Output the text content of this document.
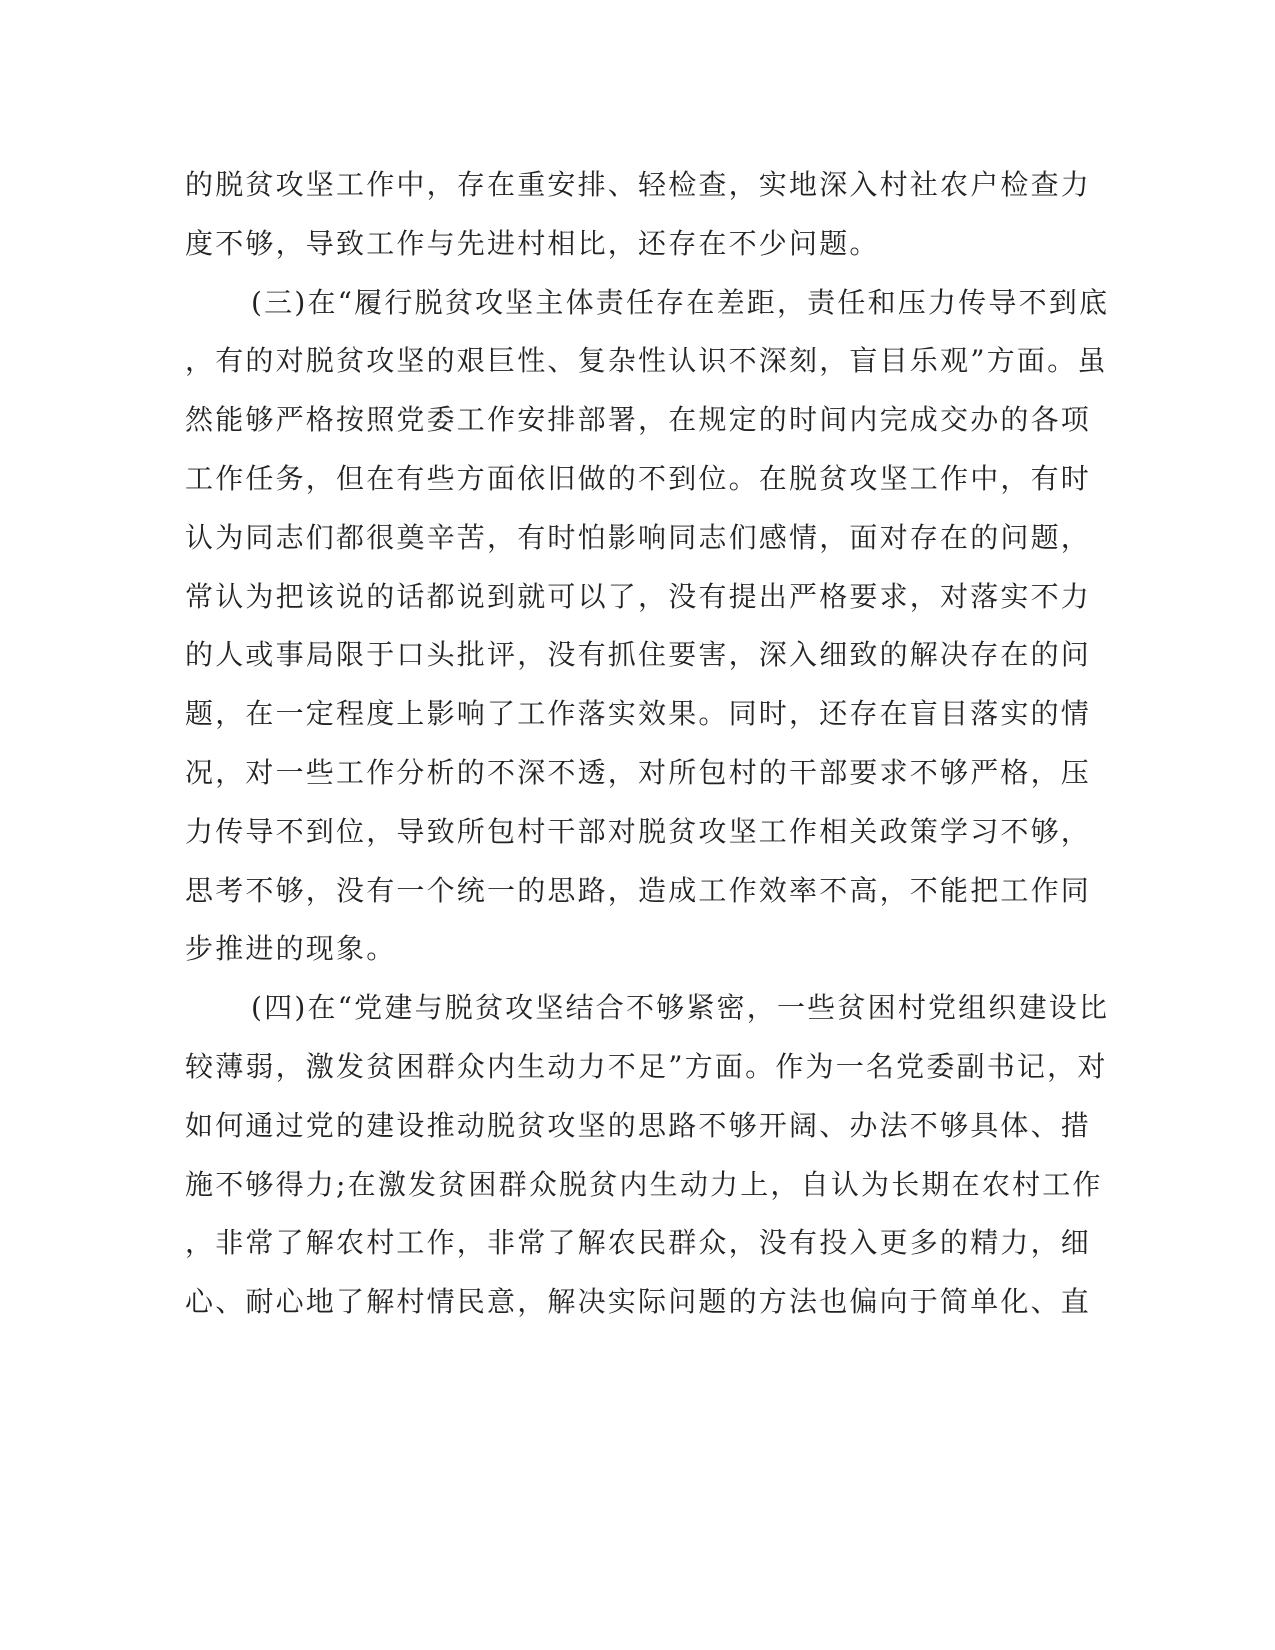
的脱贫攻坚工作中，存在重安排、轻检查，实地深入村社农户检查力
度不够，导致工作与先进村相比，还存在不少问题。
(三)在“履行脱贫攻坚主体责任存在差距，责任和压力传导不到底
，有的对脱贫攻坚的艰巨性、复杂性认识不深刻，盲目乐观”方面。虽
然能够严格按照党委工作安排部署，在规定的时间内完成交办的各项
工作任务，但在有些方面依旧做的不到位。在脱贫攻坚工作中，有时
认为同志们都很奠辛苦，有时怕影响同志们感情，面对存在的问题，
常认为把该说的话都说到就可以了，没有提出严格要求，对落实不力
的人或事局限于口头批评，没有抓住要害，深入细致的解决存在的问
题，在一定程度上影响了工作落实效果。同时，还存在盲目落实的情
况，对一些工作分析的不深不透，对所包村的干部要求不够严格，压
力传导不到位，导致所包村干部对脱贫攻坚工作相关政策学习不够，
思考不够，没有一个统一的思路，造成工作效率不高，不能把工作同
步推进的现象。
(四)在“党建与脱贫攻坚结合不够紧密，一些贫困村党组织建设比
较薄弱，激发贫困群众内生动力不足”方面。作为一名党委副书记，对
如何通过党的建设推动脱贫攻坚的思路不够开阔、办法不够具体、措
施不够得力;在激发贫困群众脱贫内生动力上，自认为长期在农村工作
，非常了解农村工作，非常了解农民群众，没有投入更多的精力，细
心、耐心地了解村情民意，解决实际问题的方法也偏向于简单化、直
